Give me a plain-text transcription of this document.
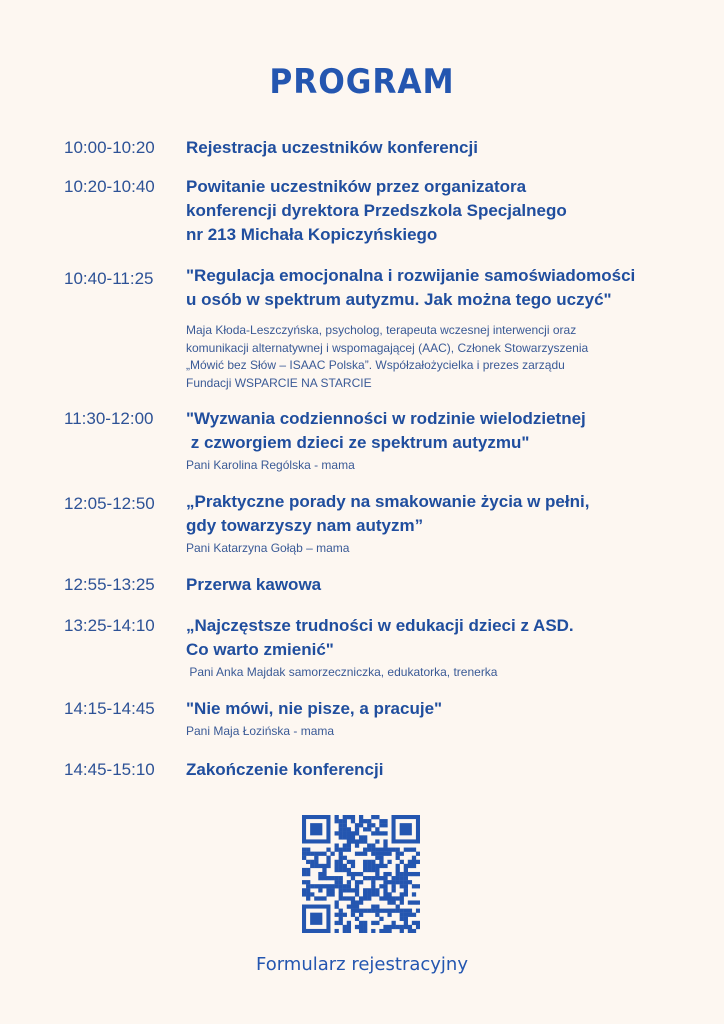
PROGRAM
10:00-10:20 Rejestracja uczestników konferencji
10:20-10:40 Powitanie uczestników przez organizatora
konferencji dyrektora Przedszkola Specjalnego
nr 213 Michała Kopiczyńskiego
10:40-11:25 "Regulacja emocjonalna i rozwijanie samoświadomości
u osób w spektrum autyzmu. Jak można tego uczyć"
Maja Kłoda-Leszczyńska, psycholog, terapeuta wczesnej interwencji oraz
komunikacji alternatywnej i wspomagającej (AAC), Członek Stowarzyszenia
„Mówić bez Słów – ISAAC Polska”. Współzałożycielka i prezes zarządu
Fundacji WSPARCIE NA STARCIE
11:30-12:00 "Wyzwania codzienności w rodzinie wielodzietnej
z czworgiem dzieci ze spektrum autyzmu"
Pani Karolina Rególska - mama
12:05-12:50 „Praktyczne porady na smakowanie życia w pełni,
gdy towarzyszy nam autyzm”
Pani Katarzyna Gołąb – mama
12:55-13:25 Przerwa kawowa
13:25-14:10 „Najczęstsze trudności w edukacji dzieci z ASD.
Co warto zmienić"
Pani Anka Majdak samorzeczniczka, edukatorka, trenerka
14:15-14:45 "Nie mówi, nie pisze, a pracuje"
Pani Maja Łozińska - mama
14:45-15:10 Zakończenie konferencji
Formularz rejestracyjny
